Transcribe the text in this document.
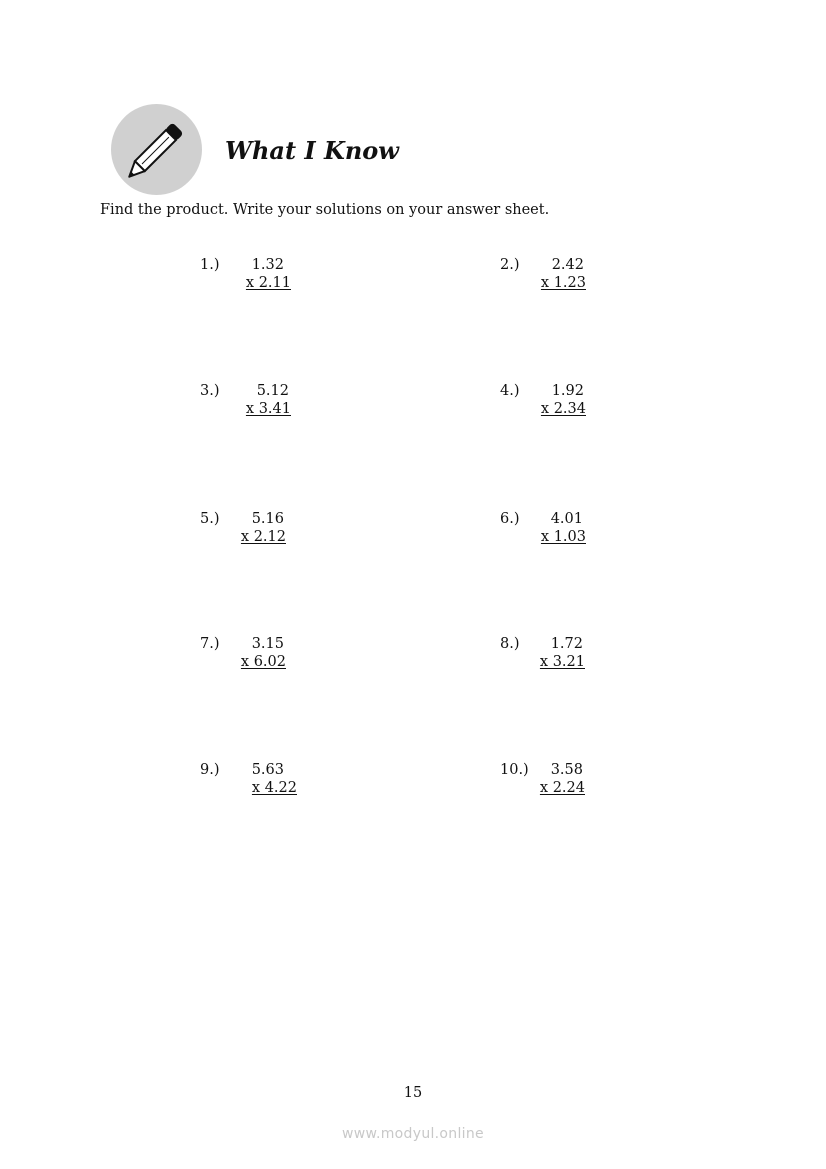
What I Know
Find the product. Write your solutions on your answer sheet.
1.) 1.32
x 2.11
2.) 2.42
x 1.23
3.)	5.12
x 3.41
4.) 1.92
x 2.34
5.) 5.16
x 2.12
6.) 4.01
x 1.03
7.) 3.15
x 6.02
8.) 1.72
x 3.21
9.) 5.63
x 4.22
10.) 3.58
x 2.24
15
www.modyul.online
